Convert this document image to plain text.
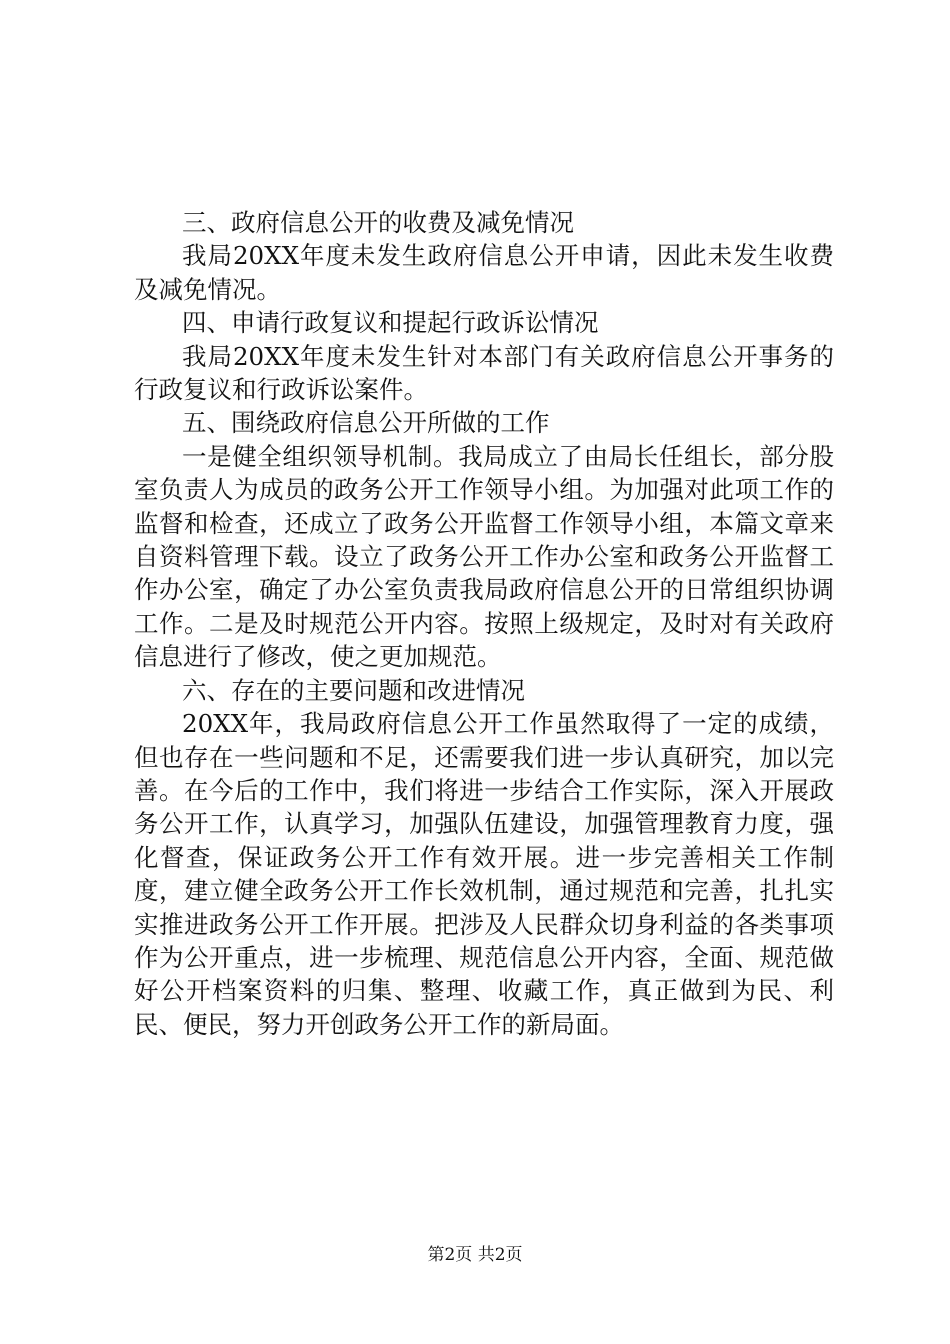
三、政府信息公开的收费及减免情况

我局20XX年度未发生政府信息公开申请，因此未发生收费及减免情况。

四、申请行政复议和提起行政诉讼情况

我局20XX年度未发生针对本部门有关政府信息公开事务的行政复议和行政诉讼案件。

五、围绕政府信息公开所做的工作

一是健全组织领导机制。我局成立了由局长任组长，部分股室负责人为成员的政务公开工作领导小组。为加强对此项工作的监督和检查，还成立了政务公开监督工作领导小组，本篇文章来自资料管理下载。设立了政务公开工作办公室和政务公开监督工作办公室，确定了办公室负责我局政府信息公开的日常组织协调工作。二是及时规范公开内容。按照上级规定，及时对有关政府信息进行了修改，使之更加规范。

六、存在的主要问题和改进情况

20XX年，我局政府信息公开工作虽然取得了一定的成绩，但也存在一些问题和不足，还需要我们进一步认真研究，加以完善。在今后的工作中，我们将进一步结合工作实际，深入开展政务公开工作，认真学习，加强队伍建设，加强管理教育力度，强化督查，保证政务公开工作有效开展。进一步完善相关工作制度，建立健全政务公开工作长效机制，通过规范和完善，扎扎实实推进政务公开工作开展。把涉及人民群众切身利益的各类事项作为公开重点，进一步梳理、规范信息公开内容，全面、规范做好公开档案资料的归集、整理、收藏工作，真正做到为民、利民、便民，努力开创政务公开工作的新局面。

第2页 共2页
